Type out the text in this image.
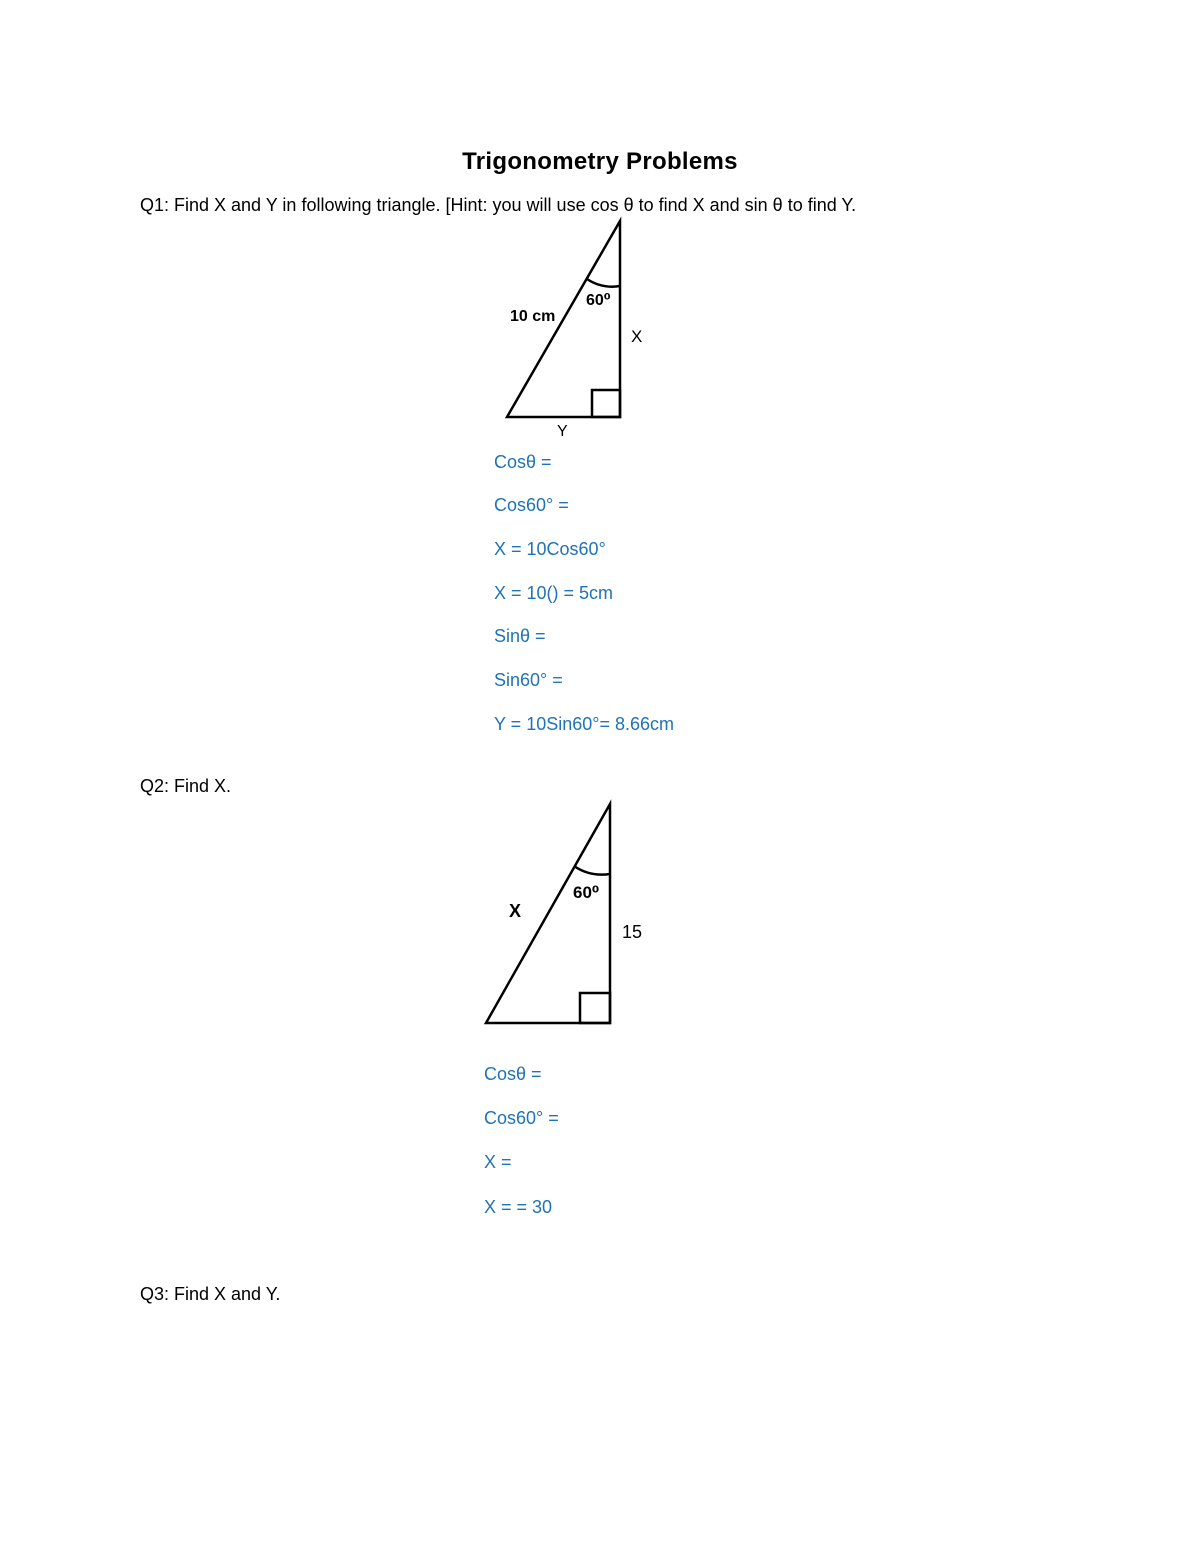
Trigonometry Problems
Q1: Find X and Y in following triangle. [Hint: you will use cos θ to find X and sin θ to find Y.
10 cm
60⁰
X
Y
X
60⁰
15
Cosθ =
Cos60° =
X = 10Cos60°
X = 10() = 5cm
Sinθ =
Sin60° =
Y = 10Sin60°= 8.66cm
Q2: Find X.
Cosθ =
Cos60° =
X =
X = = 30
Q3: Find X and Y.
